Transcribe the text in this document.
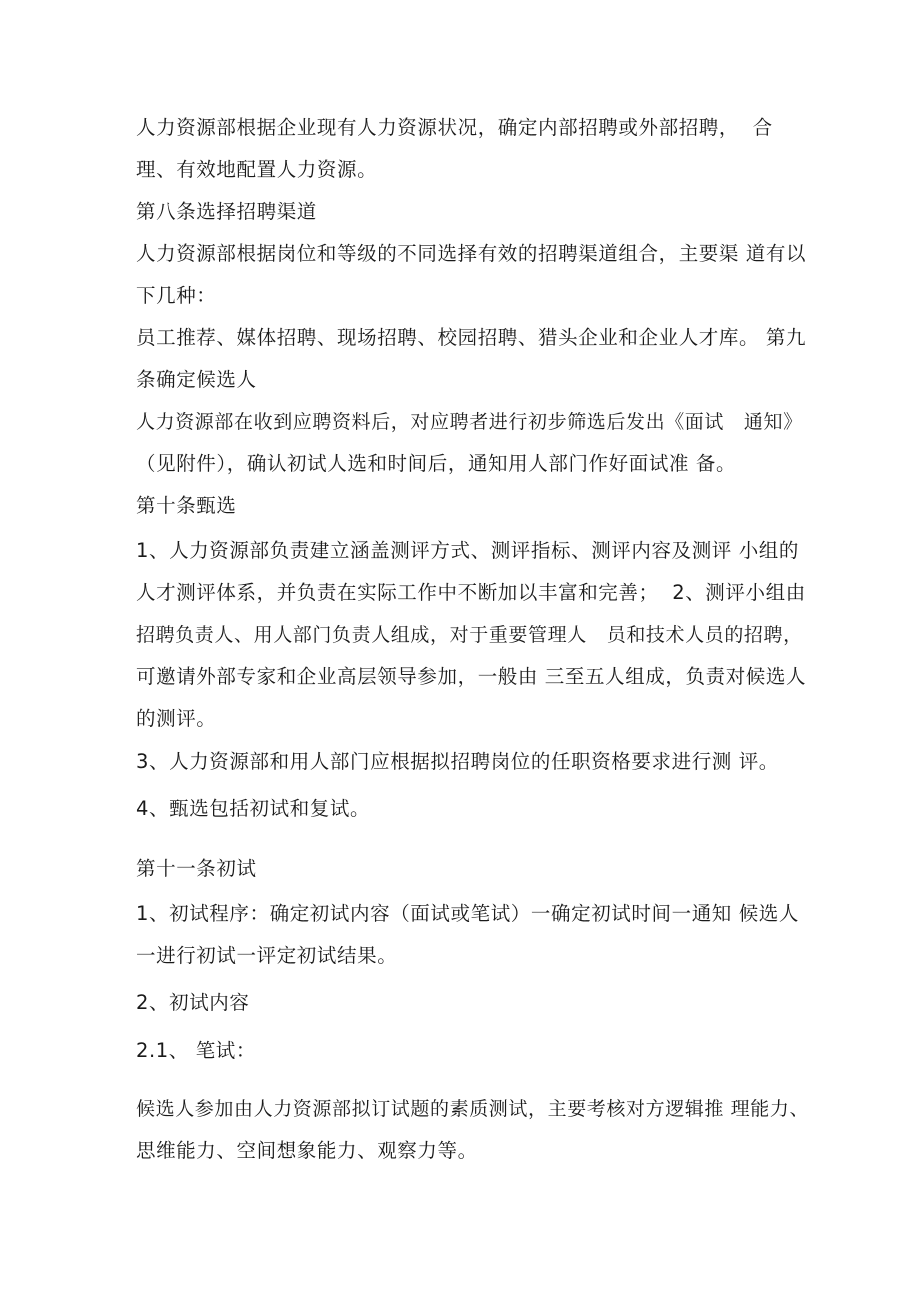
人力资源部根据企业现有人力资源状况，确定内部招聘或外部招聘，  合
理、有效地配置人力资源。
第八条选择招聘渠道
人力资源部根据岗位和等级的不同选择有效的招聘渠道组合，主要渠 道有以
下几种：
员工推荐、媒体招聘、现场招聘、校园招聘、猎头企业和企业人才库。 第九
条确定候选人
人力资源部在收到应聘资料后，对应聘者进行初步筛选后发出《面试   通知》
（见附件），确认初试人选和时间后，通知用人部门作好面试准 备。
第十条甄选
1、人力资源部负责建立涵盖测评方式、测评指标、测评内容及测评 小组的
人才测评体系，并负责在实际工作中不断加以丰富和完善；  2、测评小组由
招聘负责人、用人部门负责人组成，对于重要管理人   员和技术人员的招聘，
可邀请外部专家和企业高层领导参加，一般由 三至五人组成，负责对候选人
的测评。
3、人力资源部和用人部门应根据拟招聘岗位的任职资格要求进行测 评。
4、甄选包括初试和复试。
第十一条初试
1、初试程序：确定初试内容（面试或笔试）一确定初试时间一通知 候选人
一进行初试一评定初试结果。
2、初试内容
2.1、 笔试：
候选人参加由人力资源部拟订试题的素质测试，主要考核对方逻辑推 理能力、
思维能力、空间想象能力、观察力等。
